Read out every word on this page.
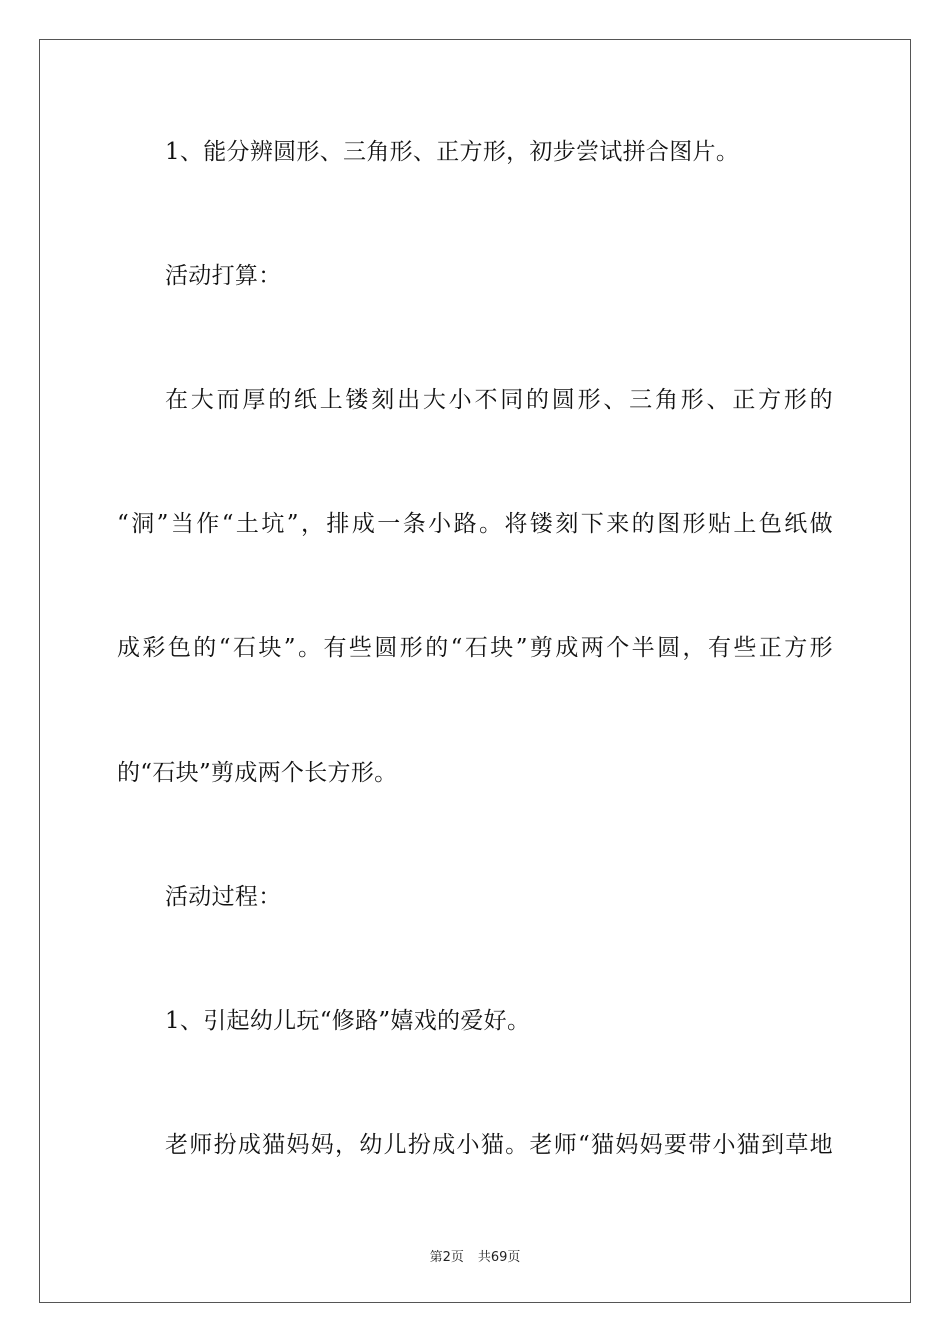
1、能分辨圆形、三角形、正方形，初步尝试拼合图片。
活动打算：
在大而厚的纸上镂刻出大小不同的圆形、三角形、正方形的
“洞”当作“土坑”，排成一条小路。将镂刻下来的图形贴上色纸做
成彩色的“石块”。有些圆形的“石块”剪成两个半圆，有些正方形
的“石块”剪成两个长方形。
活动过程：
1、引起幼儿玩“修路”嬉戏的爱好。
老师扮成猫妈妈，幼儿扮成小猫。老师“猫妈妈要带小猫到草地
第2页 共69页
